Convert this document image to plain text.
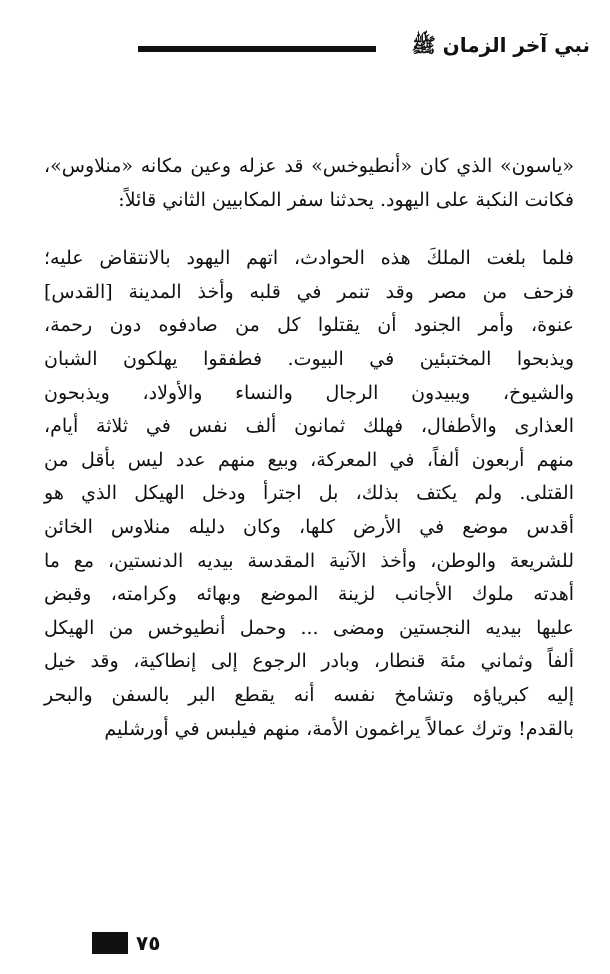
نبي آخر الزمان ﷺ

«ياسون» الذي كان «أنطيوخس» قد عزله وعين مكانه «منلاوس»،

فكانت النكبة على اليهود. يحدثنا سفر المكابيين الثاني قائلاً:

فلما بلغت الملكَ هذه الحوادث، اتهم اليهود بالانتقاض عليه؛

فزحف من مصر وقد تنمر في قلبه وأخذ المدينة [القدس]

عنوة، وأمر الجنود أن يقتلوا كل من صادفوه دون رحمة،

ويذبحوا المختبئين في البيوت. فطفقوا يهلكون الشبان

والشيوخ، ويبيدون الرجال والنساء والأولاد، ويذبحون

العذارى والأطفال، فهلك ثمانون ألف نفس في ثلاثة أيام،

منهم أربعون ألفاً، في المعركة، وبيع منهم عدد ليس بأقل من

القتلى. ولم يكتف بذلك، بل اجترأ ودخل الهيكل الذي هو

أقدس موضع في الأرض كلها، وكان دليله منلاوس الخائن

للشريعة والوطن، وأخذ الآنية المقدسة بيديه الدنستين، مع ما

أهدته ملوك الأجانب لزينة الموضع وبهائه وكرامته، وقبض

عليها بيديه النجستين ومضى ... وحمل أنطيوخس من الهيكل

ألفاً وثماني مئة قنطار، وبادر الرجوع إلى إنطاكية، وقد خيل

إليه كبرياؤه وتشامخ نفسه أنه يقطع البر بالسفن والبحر

بالقدم! وترك عمالاً يراغمون الأمة، منهم فيلبس في أورشليم

٧٥
